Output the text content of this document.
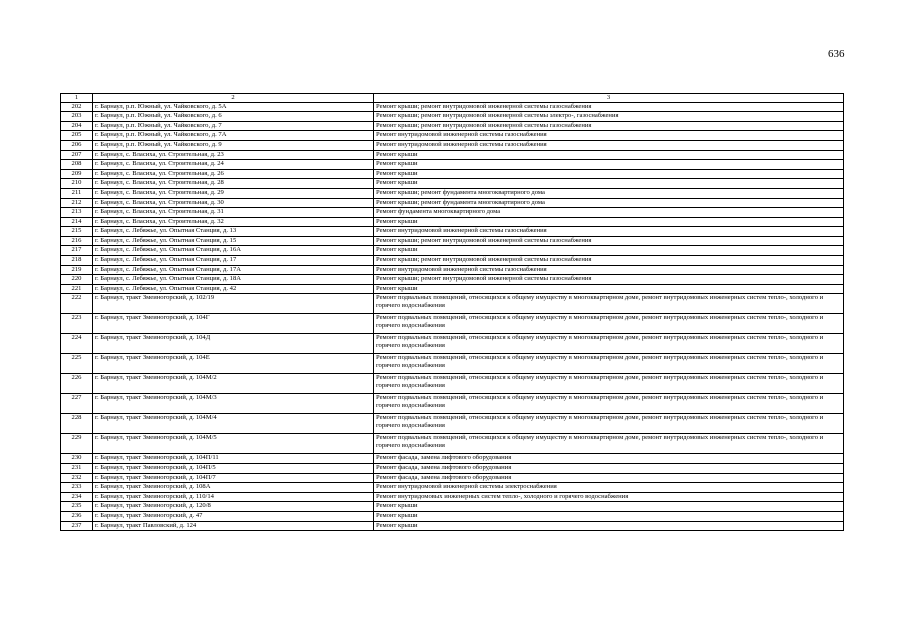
636
1	2	3
202	г. Барнаул, р.п. Южный, ул. Чайковского, д. 5А	Ремонт крыши; ремонт внутридомовой инженерной системы газоснабжения
203	г. Барнаул, р.п. Южный, ул. Чайковского, д. 6	Ремонт крыши; ремонт внутридомовой инженерной системы электро-, газоснабжения
204	г. Барнаул, р.п. Южный, ул. Чайковского, д. 7	Ремонт крыши; ремонт внутридомовой инженерной системы газоснабжения
205	г. Барнаул, р.п. Южный, ул. Чайковского, д. 7А	Ремонт внутридомовой инженерной системы газоснабжения
206	г. Барнаул, р.п. Южный, ул. Чайковского, д. 9	Ремонт внутридомовой инженерной системы газоснабжения
207	г. Барнаул, с. Власиха, ул. Строительная, д. 23	Ремонт крыши
208	г. Барнаул, с. Власиха, ул. Строительная, д. 24	Ремонт крыши
209	г. Барнаул, с. Власиха, ул. Строительная, д. 26	Ремонт крыши
210	г. Барнаул, с. Власиха, ул. Строительная, д. 28	Ремонт крыши
211	г. Барнаул, с. Власиха, ул. Строительная, д. 29	Ремонт крыши; ремонт фундамента многоквартирного дома
212	г. Барнаул, с. Власиха, ул. Строительная, д. 30	Ремонт крыши; ремонт фундамента многоквартирного дома
213	г. Барнаул, с. Власиха, ул. Строительная, д. 31	Ремонт фундамента многоквартирного дома
214	г. Барнаул, с. Власиха, ул. Строительная, д. 32	Ремонт крыши
215	г. Барнаул, с. Лебяжье, ул. Опытная Станция, д. 13	Ремонт внутридомовой инженерной системы газоснабжения
216	г. Барнаул, с. Лебяжье, ул. Опытная Станция, д. 15	Ремонт крыши; ремонт внутридомовой инженерной системы газоснабжения
217	г. Барнаул, с. Лебяжье, ул. Опытная Станция, д. 16А	Ремонт крыши
218	г. Барнаул, с. Лебяжье, ул. Опытная Станция, д. 17	Ремонт крыши; ремонт внутридомовой инженерной системы газоснабжения
219	г. Барнаул, с. Лебяжье, ул. Опытная Станция, д. 17А	Ремонт внутридомовой инженерной системы газоснабжения
220	г. Барнаул, с. Лебяжье, ул. Опытная Станция, д. 18А	Ремонт крыши; ремонт внутридомовой инженерной системы газоснабжения
221	г. Барнаул, с. Лебяжье, ул. Опытная Станция, д. 42	Ремонт крыши
222	г. Барнаул, тракт Змеиногорский, д. 102/19	Ремонт подвальных помещений, относящихся к общему имуществу в многоквартирном доме, ремонт внутридомовых инженерных систем тепло-, холодного и горячего водоснабжения
223	г. Барнаул, тракт Змеиногорский, д. 104Г	Ремонт подвальных помещений, относящихся к общему имуществу в многоквартирном доме, ремонт внутридомовых инженерных систем тепло-, холодного и горячего водоснабжения
224	г. Барнаул, тракт Змеиногорский, д. 104Д	Ремонт подвальных помещений, относящихся к общему имуществу в многоквартирном доме, ремонт внутридомовых инженерных систем тепло-, холодного и горячего водоснабжения
225	г. Барнаул, тракт Змеиногорский, д. 104Е	Ремонт подвальных помещений, относящихся к общему имуществу в многоквартирном доме, ремонт внутридомовых инженерных систем тепло-, холодного и горячего водоснабжения
226	г. Барнаул, тракт Змеиногорский, д. 104М/2	Ремонт подвальных помещений, относящихся к общему имуществу в многоквартирном доме, ремонт внутридомовых инженерных систем тепло-, холодного и горячего водоснабжения
227	г. Барнаул, тракт Змеиногорский, д. 104М/3	Ремонт подвальных помещений, относящихся к общему имуществу в многоквартирном доме, ремонт внутридомовых инженерных систем тепло-, холодного и горячего водоснабжения
228	г. Барнаул, тракт Змеиногорский, д. 104М/4	Ремонт подвальных помещений, относящихся к общему имуществу в многоквартирном доме, ремонт внутридомовых инженерных систем тепло-, холодного и горячего водоснабжения
229	г. Барнаул, тракт Змеиногорский, д. 104М/5	Ремонт подвальных помещений, относящихся к общему имуществу в многоквартирном доме, ремонт внутридомовых инженерных систем тепло-, холодного и горячего водоснабжения
230	г. Барнаул, тракт Змеиногорский, д. 104П/11	Ремонт фасада, замена лифтового оборудования
231	г. Барнаул, тракт Змеиногорский, д. 104П/5	Ремонт фасада, замена лифтового оборудования
232	г. Барнаул, тракт Змеиногорский, д. 104П/7	Ремонт фасада, замена лифтового оборудования
233	г. Барнаул, тракт Змеиногорский, д. 108А	Ремонт внутридомовой инженерной системы электроснабжения
234	г. Барнаул, тракт Змеиногорский, д. 110/14	Ремонт внутридомовых инженерных систем тепло-, холодного и горячего водоснабжения
235	г. Барнаул, тракт Змеиногорский, д. 120/8	Ремонт крыши
236	г. Барнаул, тракт Змеиногорский, д. 47	Ремонт крыши
237	г. Барнаул, тракт Павловский, д. 124	Ремонт крыши
